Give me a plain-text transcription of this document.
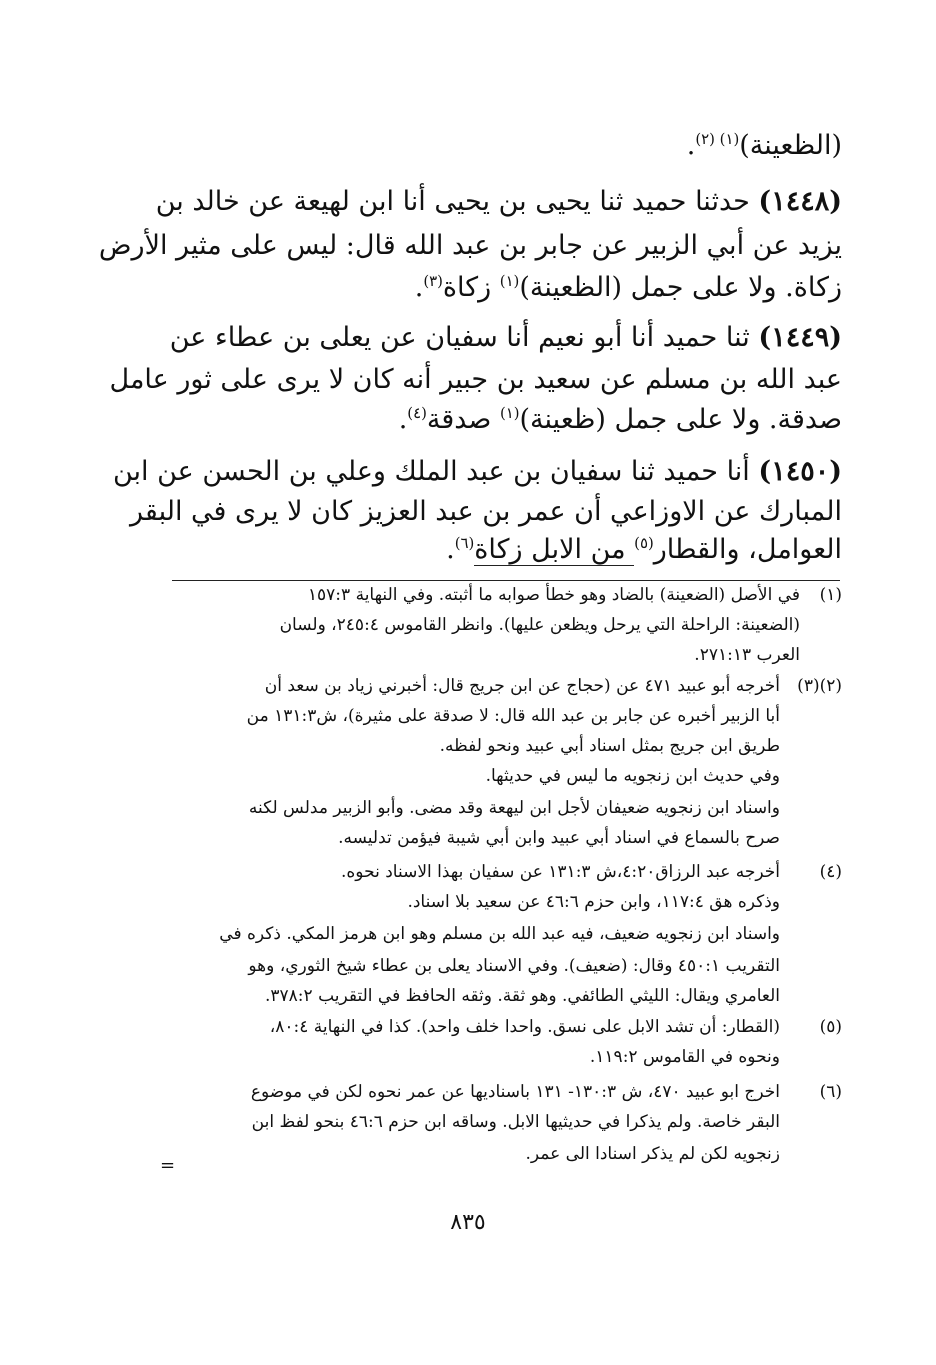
(الظعينة)$^{(١) (٢)}$.
(١٤٤٨) حدثنا حميد ثنا يحيى بن يحيى أنا ابن لهيعة عن خالد بن
يزيد عن أبي الزبير عن جابر بن عبد الله قال: ليس على مثير الأرض
زكاة. ولا على جمل (الظعينة)$^{(١)}$ زكاة$^{(٣)}$.
(١٤٤٩) ثنا حميد أنا أبو نعيم أنا سفيان عن يعلى بن عطاء عن
عبد الله بن مسلم عن سعيد بن جبير أنه كان لا يرى على ثور عامل
صدقة. ولا على جمل (ظعينة)$^{(١)}$ صدقة$^{(٤)}$.
(١٤٥٠) أنا حميد ثنا سفيان بن عبد الملك وعلي بن الحسن عن ابن
المبارك عن الاوزاعي أن عمر بن عبد العزيز كان لا يرى في البقر
العوامل، والقطار$^{(٥)}$ من الابل زكاة$^{(٦)}$.
(١)
في الأصل (الضعينة) بالضاد وهو خطأ صوابه ما أثبته. وفي النهاية ١٥٧:٣
(الضعينة: الراحلة التي يرحل ويظعن عليها). وانظر القاموس ٢٤٥:٤، ولسان
العرب ٢٧١:١٣.
(٢)(٣)
أخرجه أبو عبيد ٤٧١ عن (حجاج عن ابن جريج قال: أخبرني زياد بن سعد أن
أبا الزبير أخبره عن جابر بن عبد الله قال: لا صدقة على مثيرة)، ش١٣١:٣ من
طريق ابن جريج بمثل اسناد أبي عبيد ونحو لفظه.
وفي حديث ابن زنجويه ما ليس في حديثها.
واسناد ابن زنجويه ضعيفان لأجل ابن ليهعة وقد مضى. وأبو الزبير مدلس لكنه
صرح بالسماع في اسناد أبي عبيد وابن أبي شيبة فيؤمن تدليسه.
(٤)
أخرجه عبد الرزاق٤:٢٠،ش ١٣١:٣ عن سفيان بهذا الاسناد نحوه.
وذكره هق ١١٧:٤، وابن حزم ٤٦:٦ عن سعيد بلا اسناد.
واسناد ابن زنجويه ضعيف، فيه عبد الله بن مسلم وهو ابن هرمز المكي. ذكره في
التقريب ٤٥٠:١ وقال: (ضعيف). وفي الاسناد يعلى بن عطاء شيخ الثوري، وهو
العامري ويقال: الليثي الطائفي. وهو ثقة. وثقه الحافظ في التقريب ٣٧٨:٢.
(٥)
(القطار: أن تشد الابل على نسق. واحدا خلف واحد). كذا في النهاية ٨٠:٤،
ونحوه في القاموس ١١٩:٢.
(٦)
اخرج ابو عبيد ٤٧٠، ش ١٣٠:٣- ١٣١ باسناديها عن عمر نحوه لكن في موضوع
البقر خاصة. ولم يذكرا في حديثيها الابل. وساقه ابن حزم ٤٦:٦ بنحو لفظ ابن
زنجويه لكن لم يذكر اسنادا الى عمر.
=
٨٣٥
